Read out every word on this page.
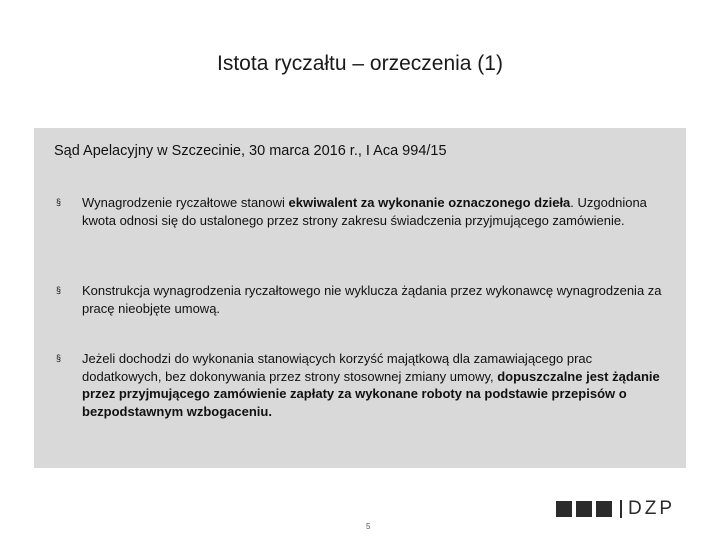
Istota ryczałtu – orzeczenia (1)
Sąd Apelacyjny w Szczecinie, 30 marca 2016 r., I Aca 994/15
§ Wynagrodzenie ryczałtowe stanowi ekwiwalent za wykonanie oznaczonego dzieła. Uzgodniona kwota odnosi się do ustalonego przez strony zakresu świadczenia przyjmującego zamówienie.
§ Konstrukcja wynagrodzenia ryczałtowego nie wyklucza żądania przez wykonawcę wynagrodzenia za pracę nieobjęte umową.
§ Jeżeli dochodzi do wykonania stanowiących korzyść majątkową dla zamawiającego prac dodatkowych, bez dokonywania przez strony stosownej zmiany umowy, dopuszczalne jest żądanie przez przyjmującego zamówienie zapłaty za wykonane roboty na podstawie przepisów o bezpodstawnym wzbogaceniu.
DZP
5
